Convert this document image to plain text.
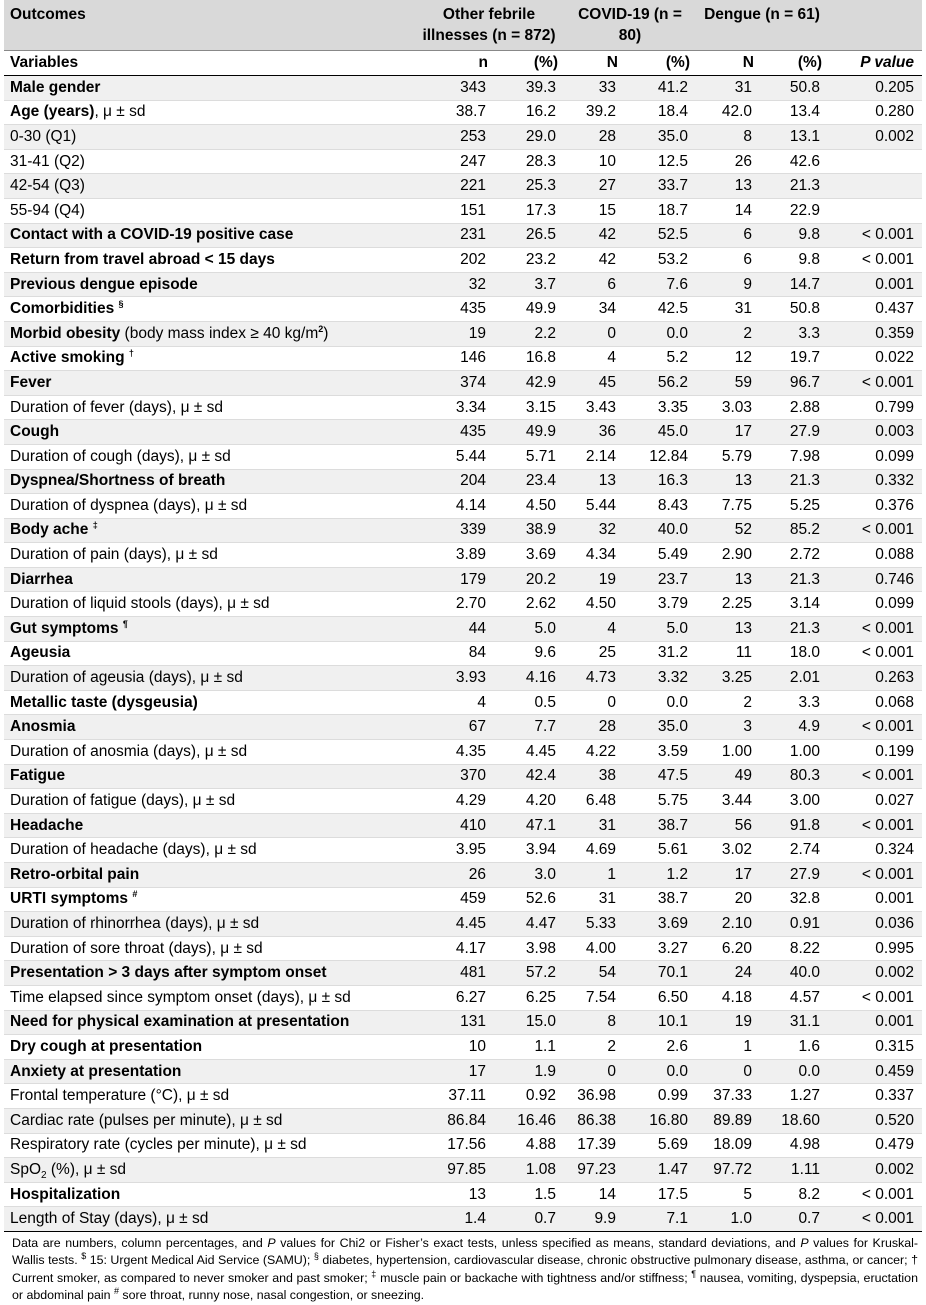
Outcomes	Other febrile illnesses (n = 872)		COVID-19 (n = 80)		Dengue (n = 61)		
Variables	n	(%)	N	(%)	N	(%)	P value
Male gender	343	39.3	33	41.2	31	50.8	0.205
Age (years), μ ± sd	38.7	16.2	39.2	18.4	42.0	13.4	0.280
0-30 (Q1)	253	29.0	28	35.0	8	13.1	0.002
31-41 (Q2)	247	28.3	10	12.5	26	42.6	
42-54 (Q3)	221	25.3	27	33.7	13	21.3	
55-94 (Q4)	151	17.3	15	18.7	14	22.9	
Contact with a COVID-19 positive case	231	26.5	42	52.5	6	9.8	< 0.001
Return from travel abroad < 15 days	202	23.2	42	53.2	6	9.8	< 0.001
Previous dengue episode	32	3.7	6	7.6	9	14.7	0.001
Comorbidities §	435	49.9	34	42.5	31	50.8	0.437
Morbid obesity (body mass index ≥ 40 $kg/m^2$)	19	2.2	0	0.0	2	3.3	0.359
Active smoking †	146	16.8	4	5.2	12	19.7	0.022
Fever	374	42.9	45	56.2	59	96.7	< 0.001
Duration of fever (days), μ ± sd	3.34	3.15	3.43	3.35	3.03	2.88	0.799
Cough	435	49.9	36	45.0	17	27.9	0.003
Duration of cough (days), μ ± sd	5.44	5.71	2.14	12.84	5.79	7.98	0.099
Dyspnea/Shortness of breath	204	23.4	13	16.3	13	21.3	0.332
Duration of dyspnea (days), μ ± sd	4.14	4.50	5.44	8.43	7.75	5.25	0.376
Body ache ‡	339	38.9	32	40.0	52	85.2	< 0.001
Duration of pain (days), μ ± sd	3.89	3.69	4.34	5.49	2.90	2.72	0.088
Diarrhea	179	20.2	19	23.7	13	21.3	0.746
Duration of liquid stools (days), μ ± sd	2.70	2.62	4.50	3.79	2.25	3.14	0.099
Gut symptoms ¶	44	5.0	4	5.0	13	21.3	< 0.001
Ageusia	84	9.6	25	31.2	11	18.0	< 0.001
Duration of ageusia (days), μ ± sd	3.93	4.16	4.73	3.32	3.25	2.01	0.263
Metallic taste (dysgeusia)	4	0.5	0	0.0	2	3.3	0.068
Anosmia	67	7.7	28	35.0	3	4.9	< 0.001
Duration of anosmia (days), μ ± sd	4.35	4.45	4.22	3.59	1.00	1.00	0.199
Fatigue	370	42.4	38	47.5	49	80.3	< 0.001
Duration of fatigue (days), μ ± sd	4.29	4.20	6.48	5.75	3.44	3.00	0.027
Headache	410	47.1	31	38.7	56	91.8	< 0.001
Duration of headache (days), μ ± sd	3.95	3.94	4.69	5.61	3.02	2.74	0.324
Retro-orbital pain	26	3.0	1	1.2	17	27.9	< 0.001
URTI symptoms #	459	52.6	31	38.7	20	32.8	0.001
Duration of rhinorrhea (days), μ ± sd	4.45	4.47	5.33	3.69	2.10	0.91	0.036
Duration of sore throat (days), μ ± sd	4.17	3.98	4.00	3.27	6.20	8.22	0.995
Presentation > 3 days after symptom onset	481	57.2	54	70.1	24	40.0	0.002
Time elapsed since symptom onset (days), μ ± sd	6.27	6.25	7.54	6.50	4.18	4.57	< 0.001
Need for physical examination at presentation	131	15.0	8	10.1	19	31.1	0.001
Dry cough at presentation	10	1.1	2	2.6	1	1.6	0.315
Anxiety at presentation	17	1.9	0	0.0	0	0.0	0.459
Frontal temperature (°C), μ ± sd	37.11	0.92	36.98	0.99	37.33	1.27	0.337
Cardiac rate (pulses per minute), μ ± sd	86.84	16.46	86.38	16.80	89.89	18.60	0.520
Respiratory rate (cycles per minute), μ ± sd	17.56	4.88	17.39	5.69	18.09	4.98	0.479
SpO$_2$ (%), μ ± sd	97.85	1.08	97.23	1.47	97.72	1.11	0.002
Hospitalization	13	1.5	14	17.5	5	8.2	< 0.001
Length of Stay (days), μ ± sd	1.4	0.7	9.9	7.1	1.0	0.7	< 0.001
Data are numbers, column percentages, and P values for Chi2 or Fisher’s exact tests, unless specified as means, standard deviations, and P values for Kruskal-Wallis tests. $ 15: Urgent Medical Aid Service (SAMU); § diabetes, hypertension, cardiovascular disease, chronic obstructive pulmonary disease, asthma, or cancer; † Current smoker, as compared to never smoker and past smoker; ‡ muscle pain or backache with tightness and/or stiffness; ¶ nausea, vomiting, dyspepsia, eructation or abdominal pain # sore throat, runny nose, nasal congestion, or sneezing.
